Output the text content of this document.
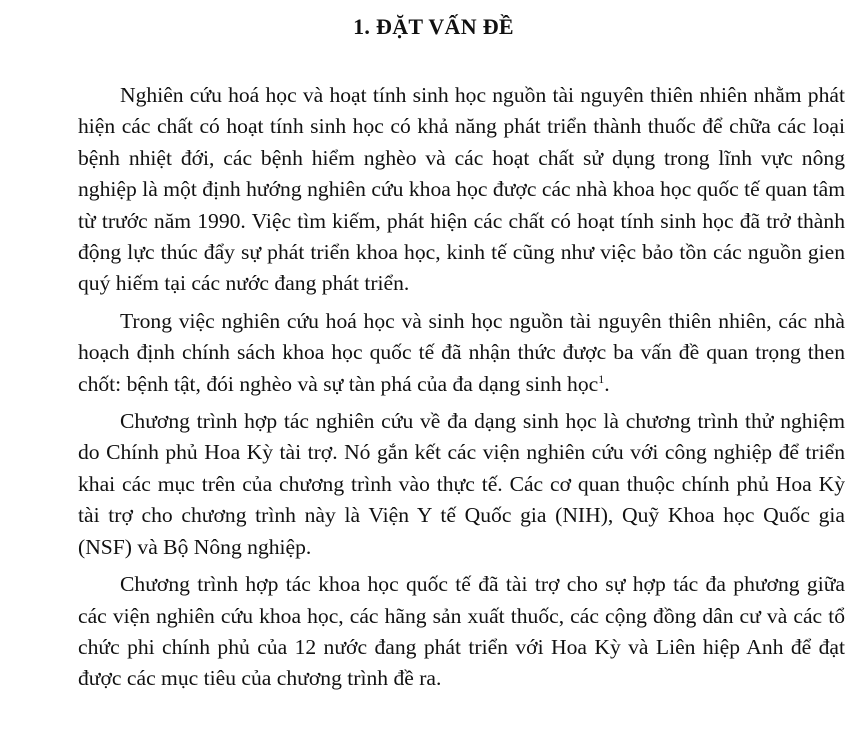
1. ĐẶT VẤN ĐỀ

Nghiên cứu hoá học và hoạt tính sinh học nguồn tài nguyên thiên nhiên nhằm phát hiện các chất có hoạt tính sinh học có khả năng phát triển thành thuốc để chữa các loại bệnh nhiệt đới, các bệnh hiểm nghèo và các hoạt chất sử dụng trong lĩnh vực nông nghiệp là một định hướng nghiên cứu khoa học được các nhà khoa học quốc tế quan tâm từ trước năm 1990. Việc tìm kiếm, phát hiện các chất có hoạt tính sinh học đã trở thành động lực thúc đẩy sự phát triển khoa học, kinh tế cũng như việc bảo tồn các nguồn gien quý hiếm tại các nước đang phát triển.

Trong việc nghiên cứu hoá học và sinh học nguồn tài nguyên thiên nhiên, các nhà hoạch định chính sách khoa học quốc tế đã nhận thức được ba vấn đề quan trọng then chốt: bệnh tật, đói nghèo và sự tàn phá của đa dạng sinh học$^1$.

Chương trình hợp tác nghiên cứu về đa dạng sinh học là chương trình thử nghiệm do Chính phủ Hoa Kỳ tài trợ. Nó gắn kết các viện nghiên cứu với công nghiệp để triển khai các mục trên của chương trình vào thực tế. Các cơ quan thuộc chính phủ Hoa Kỳ tài trợ cho chương trình này là Viện Y tế Quốc gia (NIH), Quỹ Khoa học Quốc gia (NSF) và Bộ Nông nghiệp.

Chương trình hợp tác khoa học quốc tế đã tài trợ cho sự hợp tác đa phương giữa các viện nghiên cứu khoa học, các hãng sản xuất thuốc, các cộng đồng dân cư và các tổ chức phi chính phủ của 12 nước đang phát triển với Hoa Kỳ và Liên hiệp Anh để đạt được các mục tiêu của chương trình đề ra.
